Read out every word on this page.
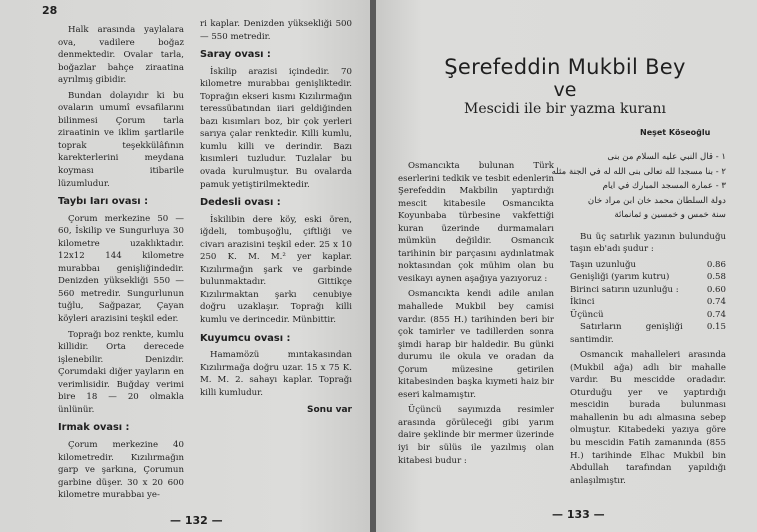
28

Halk arasında yaylalara ova, vadilere boğaz denmektedir. Ovalar tarla, boğazlar bahçe ziraatina ayrılmış gibidir.

Bundan dolayıdır ki bu ovaların umumî evsafilarını bilinmesi Çorum tarla ziraatinin ve iklim şartlarile toprak teşekkülâfının karekterlerini meydana koyması itibarile lüzumludur.

Taybı Iarı ovası :

Çorum merkezine 50 — 60, İskilip ve Sungurluya 30 kilometre uzaklıktadır. 12x12 144 kilometre murabbaı genişliğindedir. Denizden yüksekliği 550 — 560 metredir. Sungurlunun tuğlu, Sağpazar, Çayan köyleri arazisini teşkil eder.

Toprağı boz renkte, kumlu killidir. Orta derecede işlenebilir. Denizdir. Çorumdaki diğer yayların en verimlisidir. Buğday verimi bire 18 — 20 olmakla ünlünür.

Irmak ovası :

Çorum merkezine 40 kilometredir. Kızılırmağın garp ve şarkına, Çorumun garbine düşer. 30 x 20 600 kilometre murabbaı ye-

ri kaplar. Denizden yüksekliği 500 — 550 metredir.

Saray ovası :

İskilip arazisi içindedir. 70 kilometre murabbaı genişliktedir. Toprağın ekseri kısmı Kızılırmağın teressübatından iiari geldiğinden bazı kısımları boz, bir çok yerleri sarıya çalar renktedir. Killi kumlu, kumlu killi ve derindir. Bazı kısımleri tuzludur. Tuzlalar bu ovada kurulmuştur. Bu ovalarda pamuk yetiştirilmektedir.

Dedesli ovası :

İskilibin dere köy, eski ören, iğdeli, tombuşoğlu, çiftliği ve civarı arazisini teşkil eder. 25 x 10 250 K. M. M.² yer kaplar. Kızılırmağın şark ve garbinde bulunmaktadır. Gittikçe Kızılırmaktan şarkı cenubiye doğru uzaklaşır. Toprağı killi kumlu ve derincedir. Münbittir.

Kuyumcu ovası :

Hamamözü mıntakasından Kızılırmağa doğru uzar. 15 x 75 K. M. M. 2. sahayı kaplar. Toprağı killi kumludur.

Sonu var
— 132 —	— 133 —
Şerefeddin Mukbil Bey
ve
Mescidi ile bir yazma kuranı
Neşet Köseoğlu

Osmancıkta bulunan Türk eserlerini tedkik ve tesbit edenlerin Şerefeddin Makbilin yaptırdığı mescit kitabesile Osmancıkta Koyunbaba türbesine vakfettiği kuran üzerinde durmamaları mümkün değildir. Osmancık tarihinin bir parçasını aydınlatmak noktasından çok mühim olan bu vesikayı aynen aşağıya yazıyoruz :

Osmancıkta kendi adile anılan mahallede Mukbil bey camisi vardır. (855 H.) tarihinden beri bir çok tamirler ve tadillerden sonra şimdi harap bir haldedir. Bu günki durumu ile okula ve oradan da Çorum müzesine getirilen kitabesinden başka kıymeti haiz bir eseri kalmamıştır.

Üçüncü sayımızda resimler arasında görüleceği gibi yarım daire şeklinde bir mermer üzerinde iyi bir sülüs ile yazılmış olan kitabesi budur :

١ - قال النبي عليه السلام من بنى
٢ - بنا مسجدا لله تعالى بنى الله له في الجنة مثله
٣ - عمارة المسجد المبارك في ايام
دولة السلطان محمد خان ابن مراد خان
سنة خمس و خمسين و ثمانمائة

Bu üç satırlık yazının bulunduğu taşın eb'adı şudur :

Taşın uzunluğu	0.86
Genişliği (yarım kutru)	0.58
Birinci satırın uzunluğu :	0.60
İkinci	0.74
Üçüncü	0.74

Satırların genişliği 0.15 santimdir.

Osmancık mahalleleri arasında (Mukbil ağa) adlı bir mahalle vardır. Bu mescidde oradadır. Oturduğu yer ve yaptırdığı mescidin burada bulunması mahallenin bu adı almasına sebep olmuştur. Kitabedeki yazıya göre bu mescidin Fatih zamanında (855 H.) tarihinde Elhac Mukbil bin Abdullah tarafından yapıldığı anlaşılmıştır.
